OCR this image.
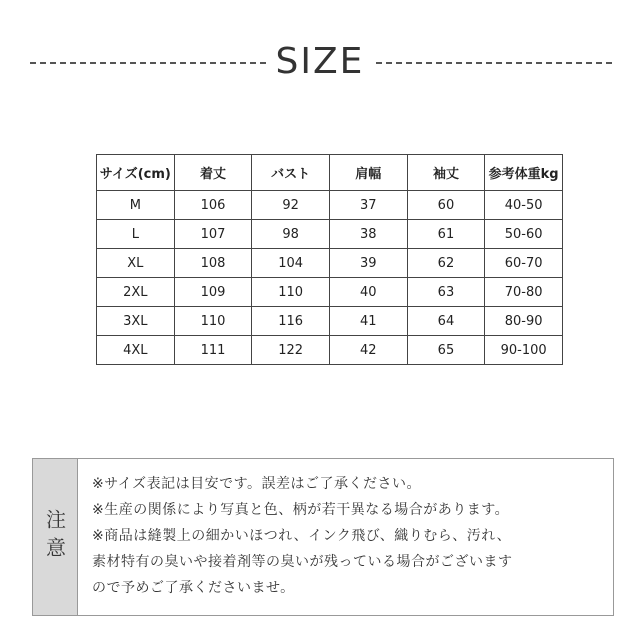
SIZE
サイズ(cm)	着丈	バスト	肩幅	袖丈	参考体重kg
M	106	92	37	60	40-50
L	107	98	38	61	50-60
XL	108	104	39	62	60-70
2XL	109	110	40	63	70-80
3XL	110	116	41	64	80-90
4XL	111	122	42	65	90-100
注意
※サイズ表記は目安です。誤差はご了承ください。
※生産の関係により写真と色、柄が若干異なる場合があります。
※商品は縫製上の細かいほつれ、インク飛び、織りむら、汚れ、
素材特有の臭いや接着剤等の臭いが残っている場合がございます
ので予めご了承くださいませ。
